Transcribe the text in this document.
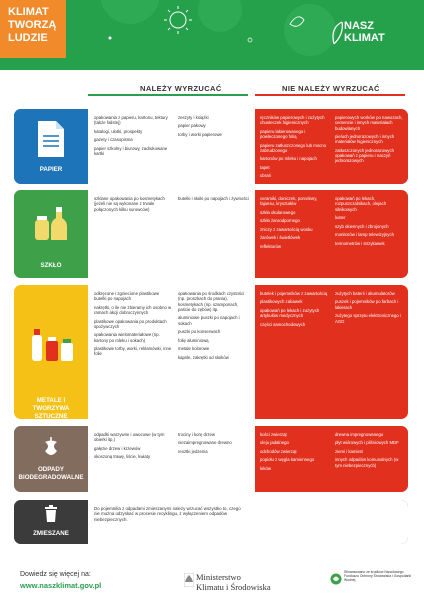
KLIMAT
TWORZĄ
LUDZIE
NASZ
KLIMAT
NALEŻY WYRZUCAĆ	NIE NALEŻY WYRZUCAĆ
PAPIER

opakowania z papieru, kartonu, tektury (także falistej)

katalogi, ulotki, prospekty

gazety i czasopisma

papier szkolny i biurowy, zadrukowane kartki

zeszyty i książki

papier pakowy

torby i worki papierowe

ręczników papierowych i zużytych chusteczek higienicznych

papieru lakierowanego i powleczonego folią

papieru zatłuszczonego lub mocno zabrudzonego

kartonów po mleku i napojach

tapet

ubrań

papierowych worków po nawozach, cemencie i innych materiałach budowlanych

pieluch jednorazowych i innych materiałów higienicznych

zatłuszczonych jednorazowych opakowań z papieru i naczyń jednorazowych

SZKŁO

szklane opakowania po kosmetykach (jeżeli nie są wykonane z trwale połączonych kilku surowców)

butelki i słoiki po napojach i żywności	ceramiki, doniczek, porcelany, fajansu, kryształów

szkła okularowego

szkła żaroodpornego

zniczy z zawartością wosku

żarówek i świetlówek

reflektorów

opakowań po lekach, rozpuszczalnikach, olejach silnikowych

luster

szyb okiennych i zbrojonych

monitorów i lamp telewizyjnych

termometrów i strzykawek

METALE I TWORZYWA SZTUCZNE

odkręcone i zgniecione plastikowe butelki po napojach

nakrętki, o ile nie zbieramy ich osobno w ramach akcji dobroczynnych

plastikowe opakowania po produktach spożywczych

opakowania wielomateriałowe (np. kartony po mleku i sokach)

plastikowe torby, worki, reklamówki, inne folie

opakowania po środkach czystości (np. proszkach do prania), kosmetykach (np. szamponach, paście do zębów) itp.

aluminiowe puszki po napojach i sokach

puszki po konserwach

folię aluminiową

metale kolorowe

kapsle, zakrętki od słoików

butelek i pojemników z zawartością

plastikowych zabawek

opakowań po lekach i zużytych artykułów medycznych

części samochodowych

zużytych baterii i akumulatorów

puszek i pojemników po farbach i lakierach

zużytego sprzętu elektronicznego i AGD

ODPADY BIODEGRADOWALNE

odpadki warzywne i owocowe (w tym obierki itp.)

gałęzie drzew i krzewów

skoszoną trawę, liście, kwiaty

trociny i korę drzew

niezaimpregnowane drewno

resztki jedzenia

kości zwierząt

oleju jadalnego

odchodów zwierząt

popiołu z węgla kamiennego

leków

drewna impregnowanego

płyt wiórowych i pilśniowych MDF

ziemi i kamieni

innych odpadów komunalnych (w tym niebezpiecznych)

ZMIESZANE
Do pojemnika z odpadami zmieszanymi należy wrzucać wszystko to, czego nie można odzyskać w procesie recyklingu, z wyłączeniem odpadów niebezpiecznych.
Dowiedz się więcej na:
www.naszklimat.gov.pl
Ministerstwo
Klimatu i Środowiska
Sfinansowano ze środków Narodowego Funduszu Ochrony Środowiska i Gospodarki Wodnej
